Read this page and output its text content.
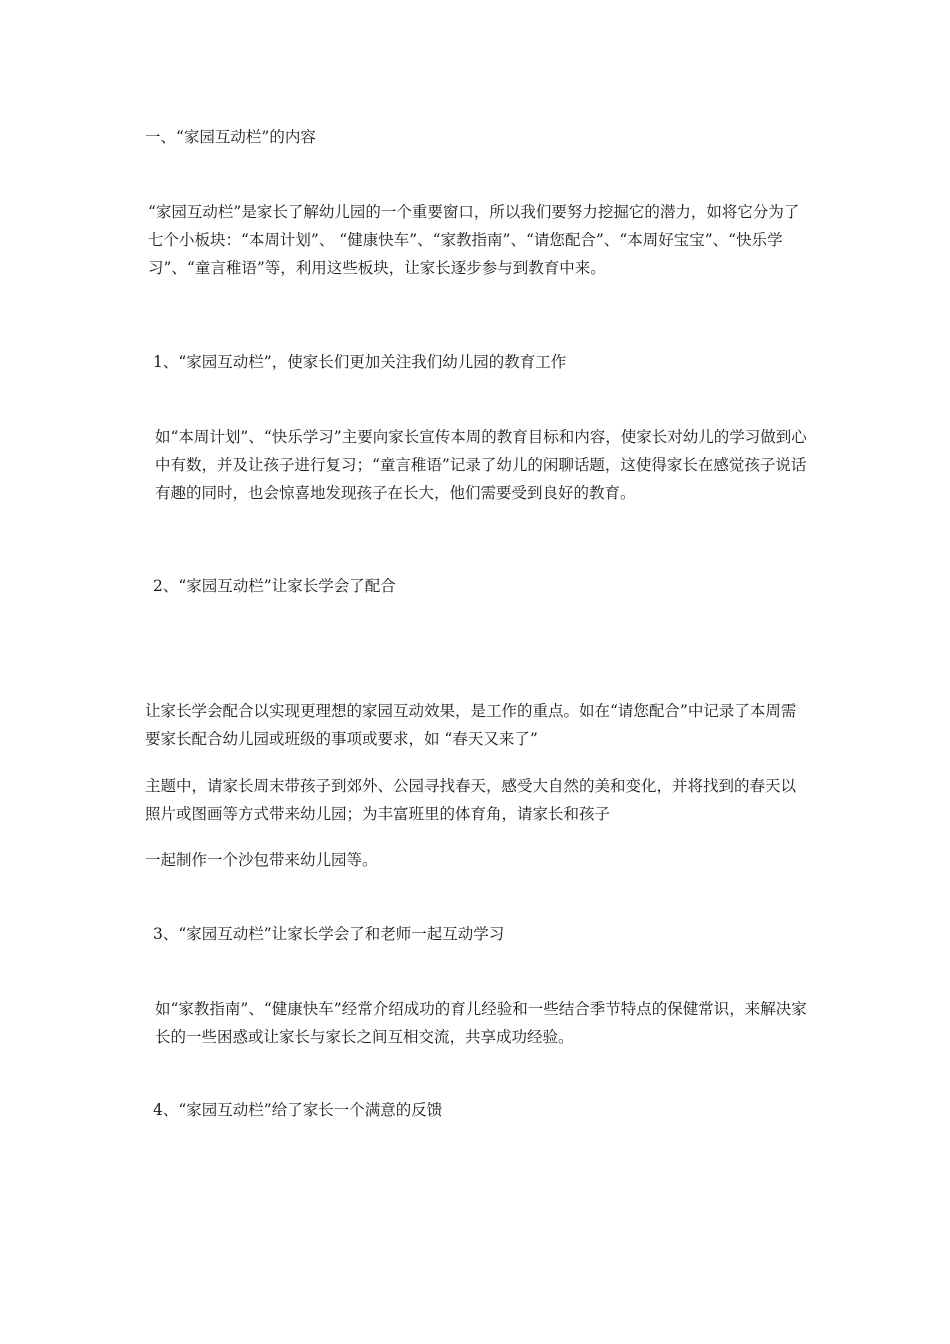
一、“家园互动栏”的内容

“家园互动栏”是家长了解幼儿园的一个重要窗口，所以我们要努力挖掘它的潜力，如将它分为了七个小板块：“本周计划”、 “健康快车”、“家教指南”、“请您配合”、“本周好宝宝”、“快乐学习”、“童言稚语”等，利用这些板块，让家长逐步参与到教育中来。

1、“家园互动栏”，使家长们更加关注我们幼儿园的教育工作

如“本周计划”、“快乐学习”主要向家长宣传本周的教育目标和内容，使家长对幼儿的学习做到心中有数，并及让孩子进行复习；“童言稚语”记录了幼儿的闲聊话题，这使得家长在感觉孩子说话有趣的同时，也会惊喜地发现孩子在长大，他们需要受到良好的教育。

2、“家园互动栏”让家长学会了配合

让家长学会配合以实现更理想的家园互动效果，是工作的重点。如在“请您配合”中记录了本周需要家长配合幼儿园或班级的事项或要求，如 “春天又来了”

主题中，请家长周末带孩子到郊外、公园寻找春天，感受大自然的美和变化，并将找到的春天以照片或图画等方式带来幼儿园；为丰富班里的体育角，请家长和孩子

一起制作一个沙包带来幼儿园等。

3、“家园互动栏”让家长学会了和老师一起互动学习

如“家教指南”、“健康快车”经常介绍成功的育儿经验和一些结合季节特点的保健常识，来解决家长的一些困惑或让家长与家长之间互相交流，共享成功经验。

4、“家园互动栏”给了家长一个满意的反馈
